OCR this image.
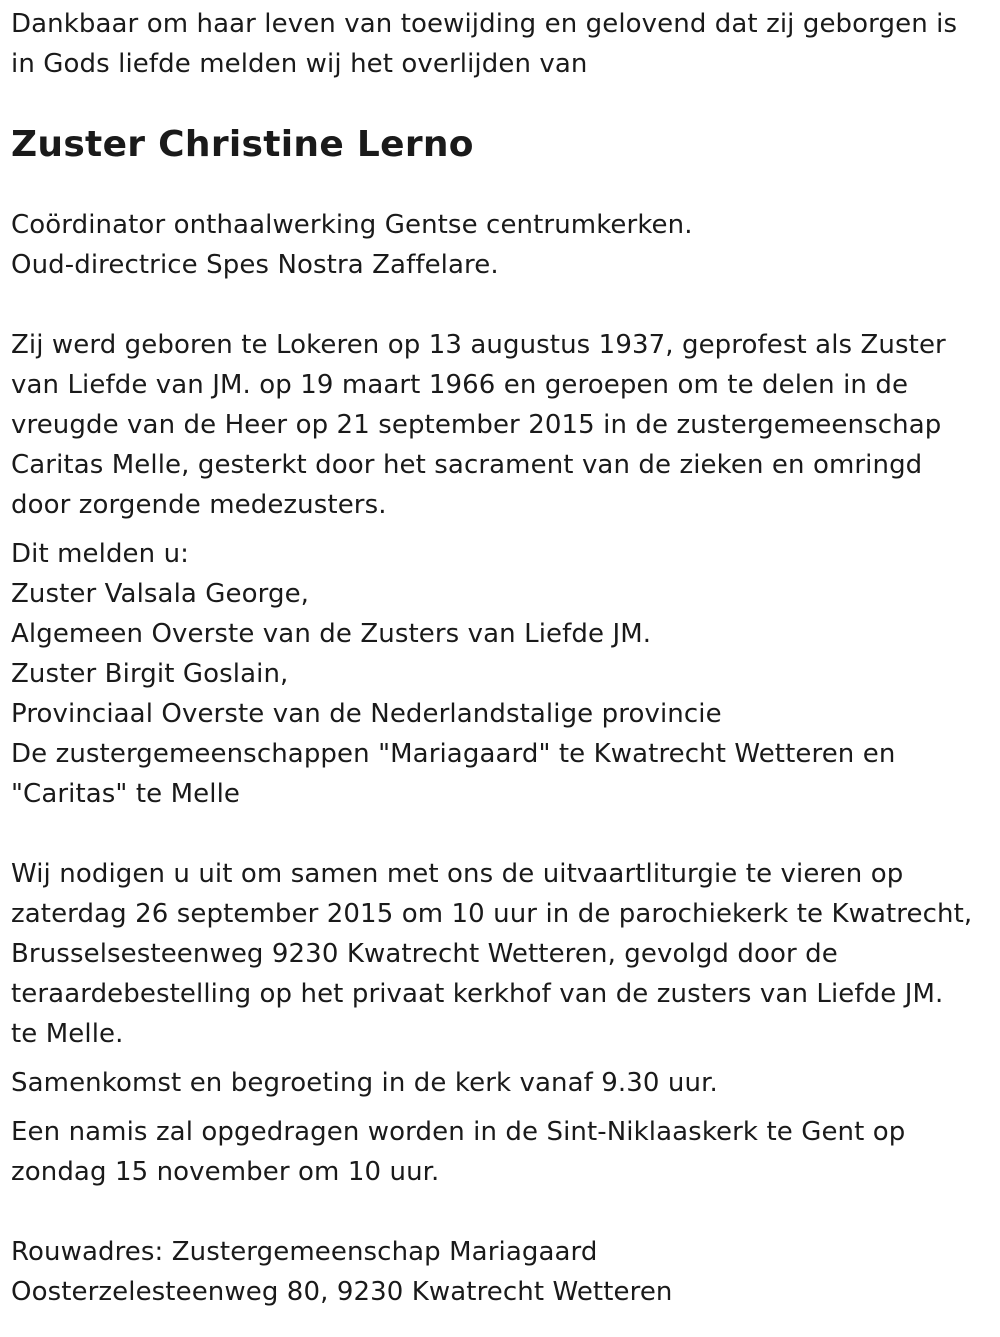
Dankbaar om haar leven van toewijding en gelovend dat zij geborgen is
in Gods liefde melden wij het overlijden van

Zuster Christine Lerno

Coördinator onthaalwerking Gentse centrumkerken.
Oud-directrice Spes Nostra Zaffelare.

Zij werd geboren te Lokeren op 13 augustus 1937, geprofest als Zuster
van Liefde van JM. op 19 maart 1966 en geroepen om te delen in de
vreugde van de Heer op 21 september 2015 in de zustergemeenschap
Caritas Melle, gesterkt door het sacrament van de zieken en omringd
door zorgende medezusters.

Dit melden u:
Zuster Valsala George,
Algemeen Overste van de Zusters van Liefde JM.
Zuster Birgit Goslain,
Provinciaal Overste van de Nederlandstalige provincie
De zustergemeenschappen "Mariagaard" te Kwatrecht Wetteren en
"Caritas" te Melle

Wij nodigen u uit om samen met ons de uitvaartliturgie te vieren op
zaterdag 26 september 2015 om 10 uur in de parochiekerk te Kwatrecht,
Brusselsesteenweg 9230 Kwatrecht Wetteren, gevolgd door de
teraardebestelling op het privaat kerkhof van de zusters van Liefde JM.
te Melle.

Samenkomst en begroeting in de kerk vanaf 9.30 uur.

Een namis zal opgedragen worden in de Sint-Niklaaskerk te Gent op
zondag 15 november om 10 uur.

Rouwadres: Zustergemeenschap Mariagaard
Oosterzelesteenweg 80, 9230 Kwatrecht Wetteren
